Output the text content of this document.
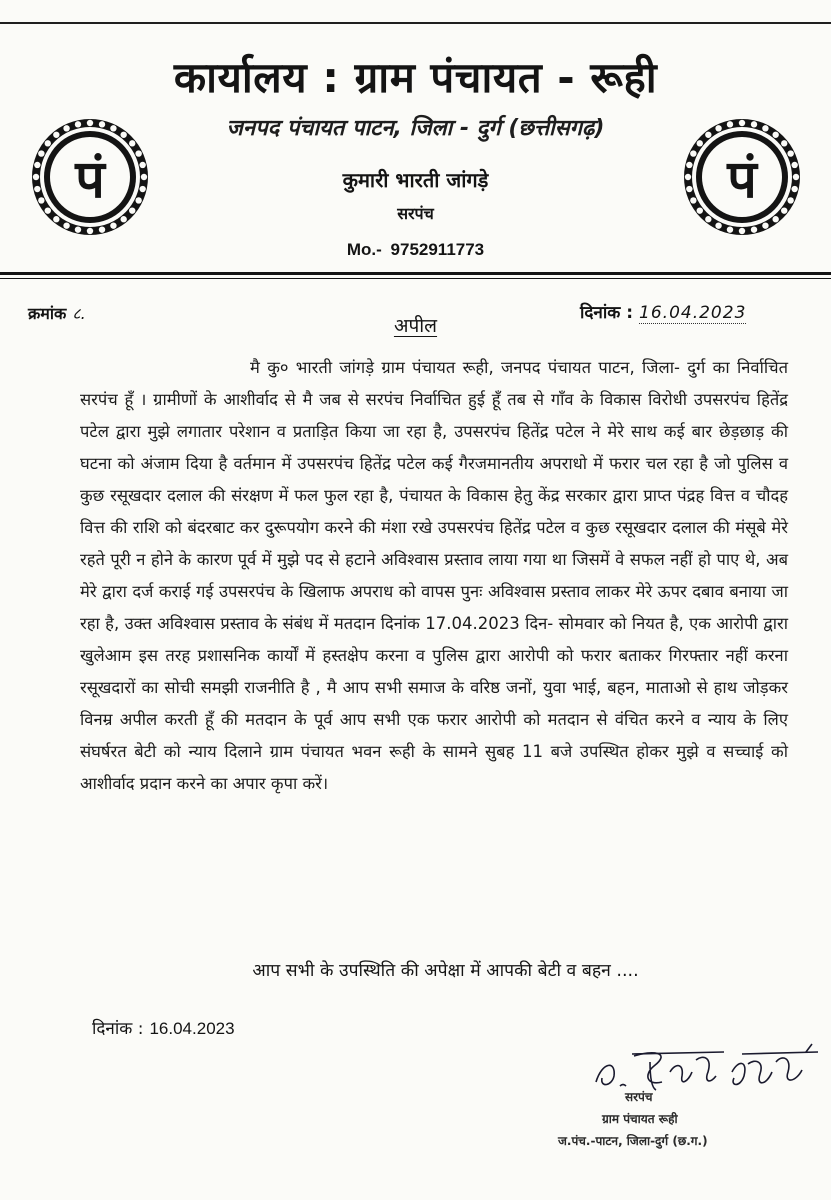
कार्यालय : ग्राम पंचायत - रूही
जनपद पंचायत पाटन, जिला - दुर्ग (छत्तीसगढ़)
कुमारी भारती जांगड़े
सरपंच
Mo.- 9752911773
पं	पं
क्रमांक ८.
अपील
दिनांक : 16.04.2023

मै कु० भारती जांगड़े ग्राम पंचायत रूही, जनपद पंचायत पाटन, जिला- दुर्ग का निर्वाचित सरपंच हूँ । ग्रामीणों के आशीर्वाद से मै जब से सरपंच निर्वाचित हुई हूँ तब से गाँव के विकास विरोधी उपसरपंच हितेंद्र पटेल द्वारा मुझे लगातार परेशान व प्रताड़ित किया जा रहा है, उपसरपंच हितेंद्र पटेल ने मेरे साथ कई बार छेड़छाड़ की घटना को अंजाम दिया है वर्तमान में उपसरपंच हितेंद्र पटेल कई गैरजमानतीय अपराधो में फरार चल रहा है जो पुलिस व कुछ रसूखदार दलाल की संरक्षण में फल फुल रहा है, पंचायत के विकास हेतु केंद्र सरकार द्वारा प्राप्त पंद्रह वित्त व चौदह वित्त की राशि को बंदरबाट कर दुरूपयोग करने की मंशा रखे उपसरपंच हितेंद्र पटेल व कुछ रसूखदार दलाल की मंसूबे मेरे रहते पूरी न होने के कारण पूर्व में मुझे पद से हटाने अविश्वास प्रस्ताव लाया गया था जिसमें वे सफल नहीं हो पाए थे, अब मेरे द्वारा दर्ज कराई गई उपसरपंच के खिलाफ अपराध को वापस पुनः अविश्वास प्रस्ताव लाकर मेरे ऊपर दबाव बनाया जा रहा है, उक्त अविश्वास प्रस्ताव के संबंध में मतदान दिनांक 17.04.2023 दिन- सोमवार को नियत है, एक आरोपी द्वारा खुलेआम इस तरह प्रशासनिक कार्यों में हस्तक्षेप करना व पुलिस द्वारा आरोपी को फरार बताकर गिरफ्तार नहीं करना रसूखदारों का सोची समझी राजनीति है , मै आप सभी समाज के वरिष्ठ जनों, युवा भाई, बहन, माताओ से हाथ जोड़कर विनम्र अपील करती हूँ की मतदान के पूर्व आप सभी एक फरार आरोपी को मतदान से वंचित करने व न्याय के लिए संघर्षरत बेटी को न्याय दिलाने ग्राम पंचायत भवन रूही के सामने सुबह 11 बजे उपस्थित होकर मुझे व सच्चाई को आशीर्वाद प्रदान करने का अपार कृपा करें।

आप सभी के उपस्थिति की अपेक्षा में आपकी बेटी व बहन ....
दिनांक : 16.04.2023
सरपंच
ग्राम पंचायत रूही
ज.पंच.-पाटन, जिला-दुर्ग (छ.ग.)
